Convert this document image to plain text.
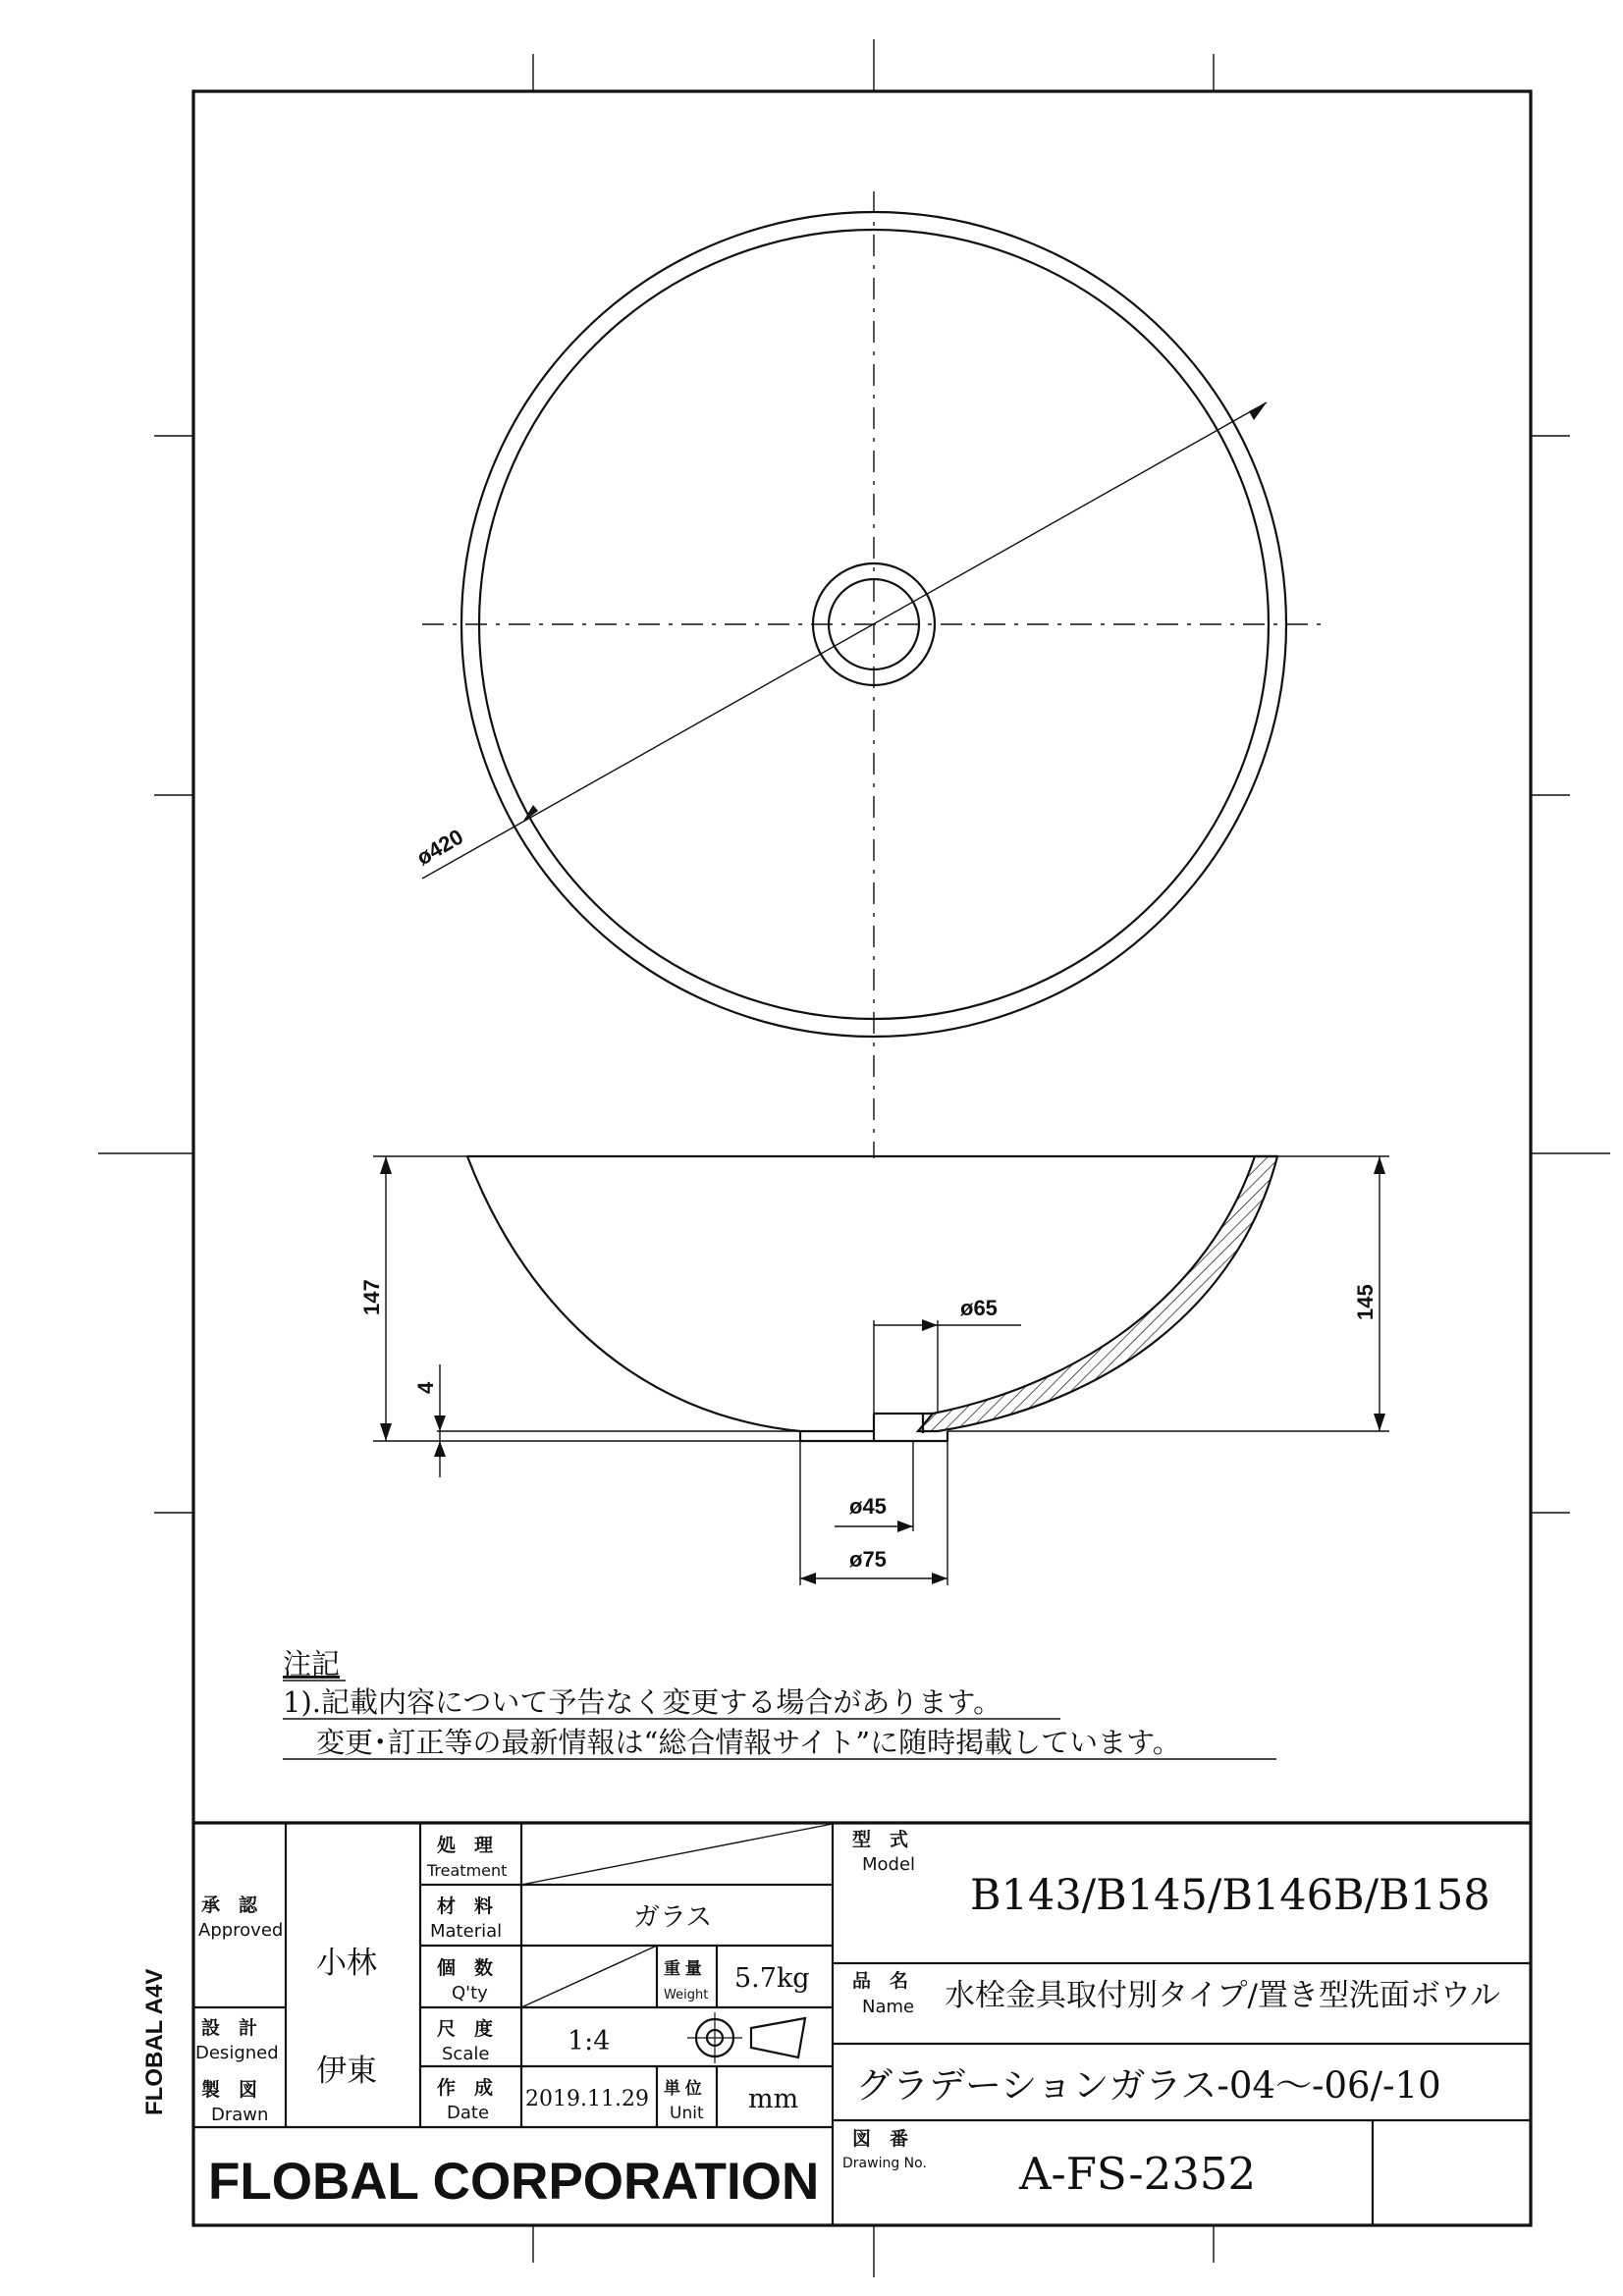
FLOBAL A4V
ø420
147
4
145
ø65
ø45
ø75
注記
1).記載内容について予告なく変更する場合があります。
変更･訂正等の最新情報は“総合情報サイト”に随時掲載しています。
承　認
Approved
小林
設　計
Designed
製　図
Drawn
伊東
処　理
Treatment
材　料
Material	ガラス
個　数
Q'ty
重 量
Weight
5.7kg
尺　度
Scale	1:4
作　成
Date
2019.11.29 単 位
Unit mm
型　式
Model
B143/B145/B146B/B158
品　名
Name 水栓金具取付別タイプ/置き型洗面ボウル
グラデーションガラス-04～-06/-10
図　番
Drawing No. A-FS-2352
FLOBAL CORPORATION
